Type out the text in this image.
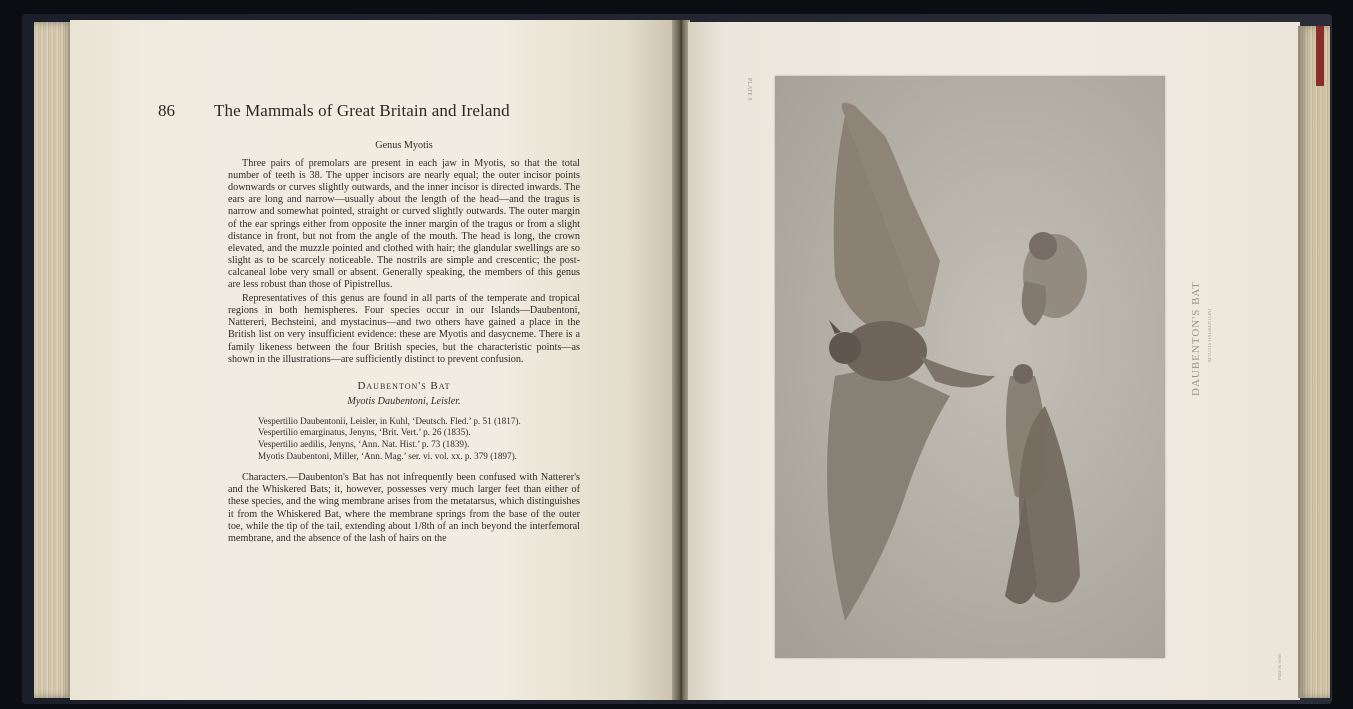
86 The Mammals of Great Britain and Ireland

Genus Myotis

Three pairs of premolars are present in each jaw in Myotis, so that the total number of teeth is 38. The upper incisors are nearly equal; the outer incisor points downwards or curves slightly outwards, and the inner incisor is directed inwards. The ears are long and narrow—usually about the length of the head—and the tragus is narrow and somewhat pointed, straight or curved slightly outwards. The outer margin of the ear springs either from opposite the inner margin of the tragus or from a slight distance in front, but not from the angle of the mouth. The head is long, the crown elevated, and the muzzle pointed and clothed with hair; the glandular swellings are so slight as to be scarcely noticeable. The nostrils are simple and crescentic; the post-calcaneal lobe very small or absent. Generally speaking, the members of this genus are less robust than those of Pipistrellus.

Representatives of this genus are found in all parts of the temperate and tropical regions in both hemispheres. Four species occur in our Islands—Daubentoni, Nattereri, Bechsteini, and mystacinus—and two others have gained a place in the British list on very insufficient evidence: these are Myotis and dasycneme. There is a family likeness between the four British species, but the characteristic points—as shown in the illustrations—are sufficiently distinct to prevent confusion.

Daubenton's Bat

Myotis Daubentoni, Leisler.

Vespertilio Daubentonii, Leisler, in Kuhl, ‘Deutsch. Fled.’ p. 51 (1817).
Vespertilio emarginatus, Jenyns, ‘Brit. Vert.’ p. 26 (1835).
Vespertilio aedilis, Jenyns, ‘Ann. Nat. Hist.’ p. 73 (1839).
Myotis Daubentoni, Miller, ‘Ann. Mag.’ ser. vi. vol. xx. p. 379 (1897).

Characters.—Daubenton's Bat has not infrequently been confused with Natterer's and the Whiskered Bats; it, however, possesses very much larger feet than either of these species, and the wing membrane arises from the metatarsus, which distinguishes it from the Whiskered Bat, where the membrane springs from the base of the outer toe, while the tip of the tail, extending about 1/8th of an inch beyond the interfemoral membrane, and the absence of the lash of hairs on the

PLATE 8
DAUBENTON'S BAT	MYOTIS DAUBENTONI
Plate & Sons
